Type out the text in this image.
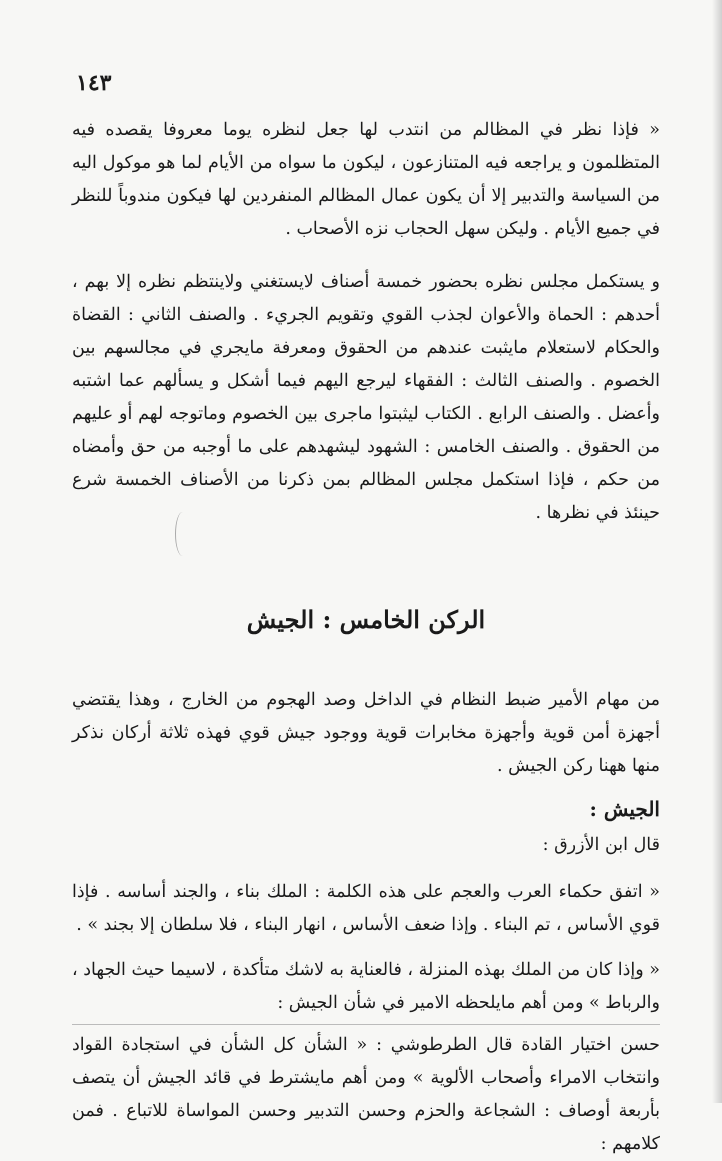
١٤٣

« فإذا نظر في المظالم من انتدب لها جعل لنظره يوما معروفا يقصده فيه المتظلمون و يراجعه فيه المتنازعون ، ليكون ما سواه من الأيام لما هو موكول اليه من السياسة والتدبير إلا أن يكون عمال المظالم المنفردين لها فيكون مندوباً للنظر في جميع الأيام . وليكن سهل الحجاب نزه الأصحاب .

و يستكمل مجلس نظره بحضور خمسة أصناف لايستغني ولاينتظم نظره إلا بهم ، أحدهم : الحماة والأعوان لجذب القوي وتقويم الجريء . والصنف الثاني : القضاة والحكام لاستعلام مايثبت عندهم من الحقوق ومعرفة مايجري في مجالسهم بين الخصوم . والصنف الثالث : الفقهاء ليرجع اليهم فيما أشكل و يسألهم عما اشتبه وأعضل . والصنف الرابع . الكتاب ليثبتوا ماجرى بين الخصوم وماتوجه لهم أو عليهم من الحقوق . والصنف الخامس : الشهود ليشهدهم على ما أوجبه من حق وأمضاه من حكم ، فإذا استكمل مجلس المظالم بمن ذكرنا من الأصناف الخمسة شرع حينئذ في نظرها .

الركن الخامس : الجيش

من مهام الأمير ضبط النظام في الداخل وصد الهجوم من الخارج ، وهذا يقتضي أجهزة أمن قوية وأجهزة مخابرات قوية ووجود جيش قوي فهذه ثلاثة أركان نذكر منها ههنا ركن الجيش .

الجيش :

قال ابن الأزرق :

« اتفق حكماء العرب والعجم على هذه الكلمة : الملك بناء ، والجند أساسه . فإذا قوي الأساس ، تم البناء . وإذا ضعف الأساس ، انهار البناء ، فلا سلطان إلا بجند » .

« وإذا كان من الملك بهذه المنزلة ، فالعناية به لاشك متأكدة ، لاسيما حيث الجهاد ، والرباط » ومن أهم مايلحظه الامير في شأن الجيش :

حسن اختيار القادة قال الطرطوشي : « الشأن كل الشأن في استجادة القواد وانتخاب الامراء وأصحاب الألوية » ومن أهم مايشترط في قائد الجيش أن يتصف بأربعة أوصاف : الشجاعة والحزم وحسن التدبير وحسن المواساة للاتباع . فمن كلامهم :
